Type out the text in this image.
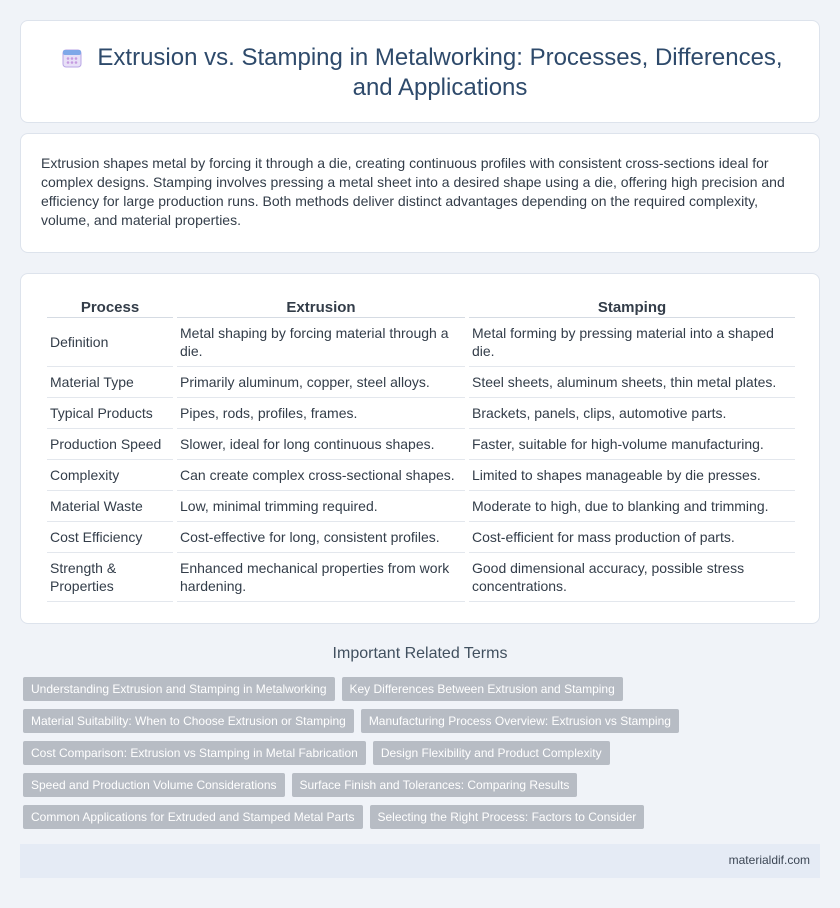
Extrusion vs. Stamping in Metalworking: Processes, Differences, and Applications

Extrusion shapes metal by forcing it through a die, creating continuous profiles with consistent cross-sections ideal for complex designs. Stamping involves pressing a metal sheet into a desired shape using a die, offering high precision and efficiency for large production runs. Both methods deliver distinct advantages depending on the required complexity, volume, and material properties.

Process	Extrusion	Stamping
Definition	Metal shaping by forcing material through a die.	Metal forming by pressing material into a shaped die.
Material Type	Primarily aluminum, copper, steel alloys.	Steel sheets, aluminum sheets, thin metal plates.
Typical Products	Pipes, rods, profiles, frames.	Brackets, panels, clips, automotive parts.
Production Speed	Slower, ideal for long continuous shapes.	Faster, suitable for high-volume manufacturing.
Complexity	Can create complex cross-sectional shapes.	Limited to shapes manageable by die presses.
Material Waste	Low, minimal trimming required.	Moderate to high, due to blanking and trimming.
Cost Efficiency	Cost-effective for long, consistent profiles.	Cost-efficient for mass production of parts.
Strength & Properties	Enhanced mechanical properties from work hardening.	Good dimensional accuracy, possible stress concentrations.
Important Related Terms
Understanding Extrusion and Stamping in Metalworking	Key Differences Between Extrusion and Stamping
Material Suitability: When to Choose Extrusion or Stamping	Manufacturing Process Overview: Extrusion vs Stamping
Cost Comparison: Extrusion vs Stamping in Metal Fabrication	Design Flexibility and Product Complexity
Speed and Production Volume Considerations	Surface Finish and Tolerances: Comparing Results
Common Applications for Extruded and Stamped Metal Parts	Selecting the Right Process: Factors to Consider
materialdif.com
